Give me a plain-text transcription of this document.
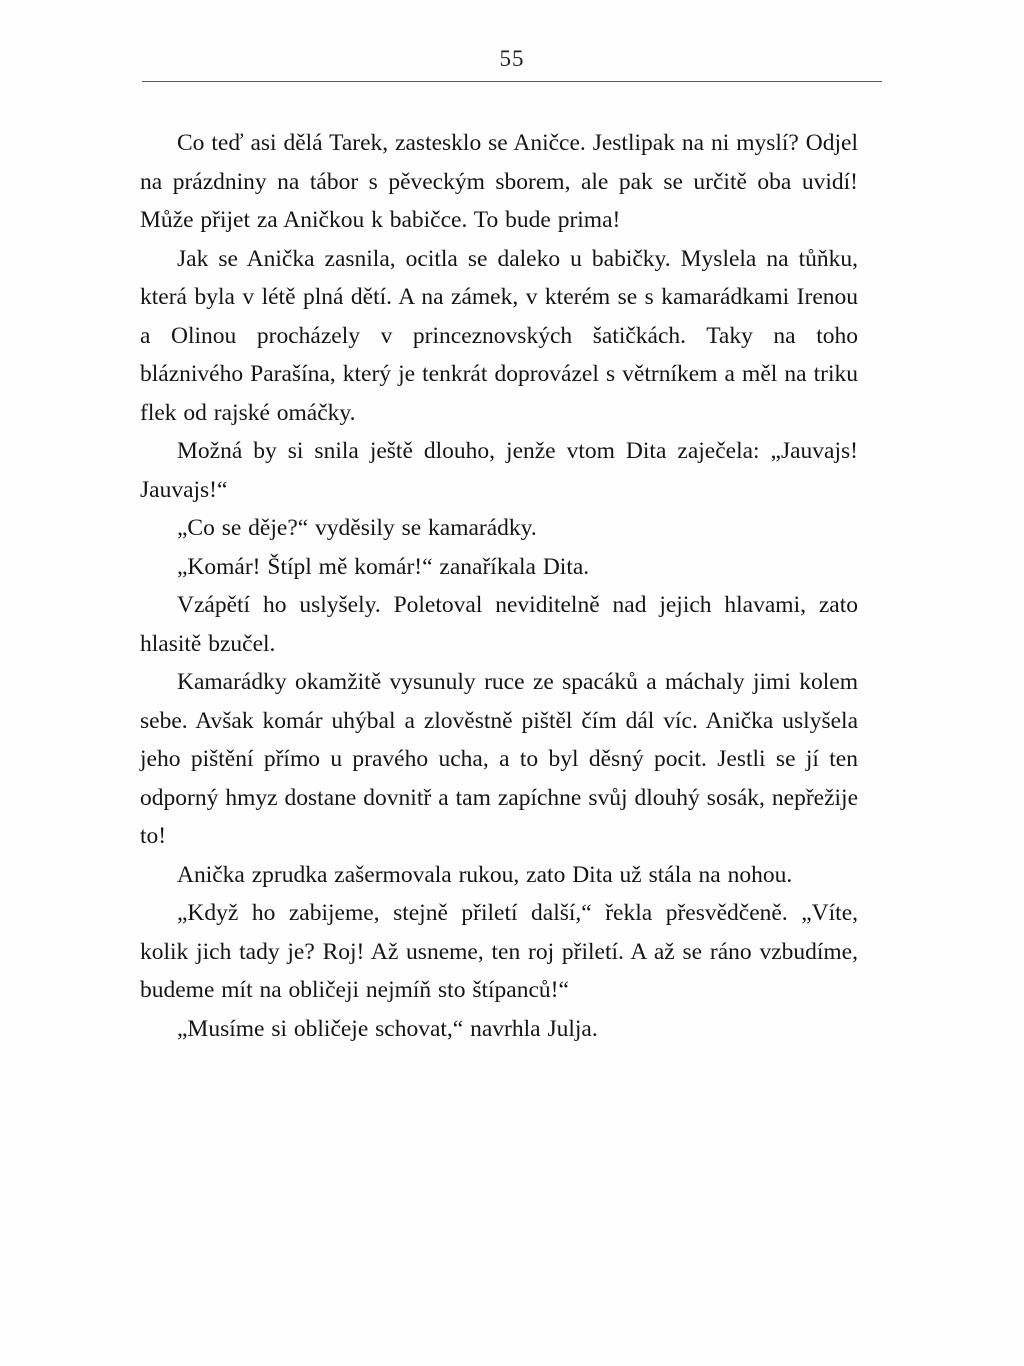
55

Co teď asi dělá Tarek, zastesklo se Aničce. Jestlipak na ni myslí? Odjel na prázdniny na tábor s pěveckým sborem, ale pak se určitě oba uvidí! Může přijet za Aničkou k babičce. To bude prima!

Jak se Anička zasnila, ocitla se daleko u babičky. Myslela na tůňku, která byla v létě plná dětí. A na zámek, v kterém se s kamarádkami Irenou a Olinou procházely v princeznovských šatičkách. Taky na toho bláznivého Parašína, který je tenkrát doprovázel s větrníkem a měl na triku flek od rajské omáčky.

Možná by si snila ještě dlouho, jenže vtom Dita zaječela: „Jauvajs! Jauvajs!“

„Co se děje?“ vyděsily se kamarádky.

„Komár! Štípl mě komár!“ zanaříkala Dita.

Vzápětí ho uslyšely. Poletoval neviditelně nad jejich hlavami, zato hlasitě bzučel.

Kamarádky okamžitě vysunuly ruce ze spacáků a máchaly jimi kolem sebe. Avšak komár uhýbal a zlověstně pištěl čím dál víc. Anička uslyšela jeho pištění přímo u pravého ucha, a to byl děsný pocit. Jestli se jí ten odporný hmyz dostane dovnitř a tam zapíchne svůj dlouhý sosák, nepřežije to!

Anička zprudka zašermovala rukou, zato Dita už stála na nohou.

„Když ho zabijeme, stejně přiletí další,“ řekla přesvědčeně. „Víte, kolik jich tady je? Roj! Až usneme, ten roj přiletí. A až se ráno vzbudíme, budeme mít na obličeji nejmíň sto štípanců!“

„Musíme si obličeje schovat,“ navrhla Julja.
